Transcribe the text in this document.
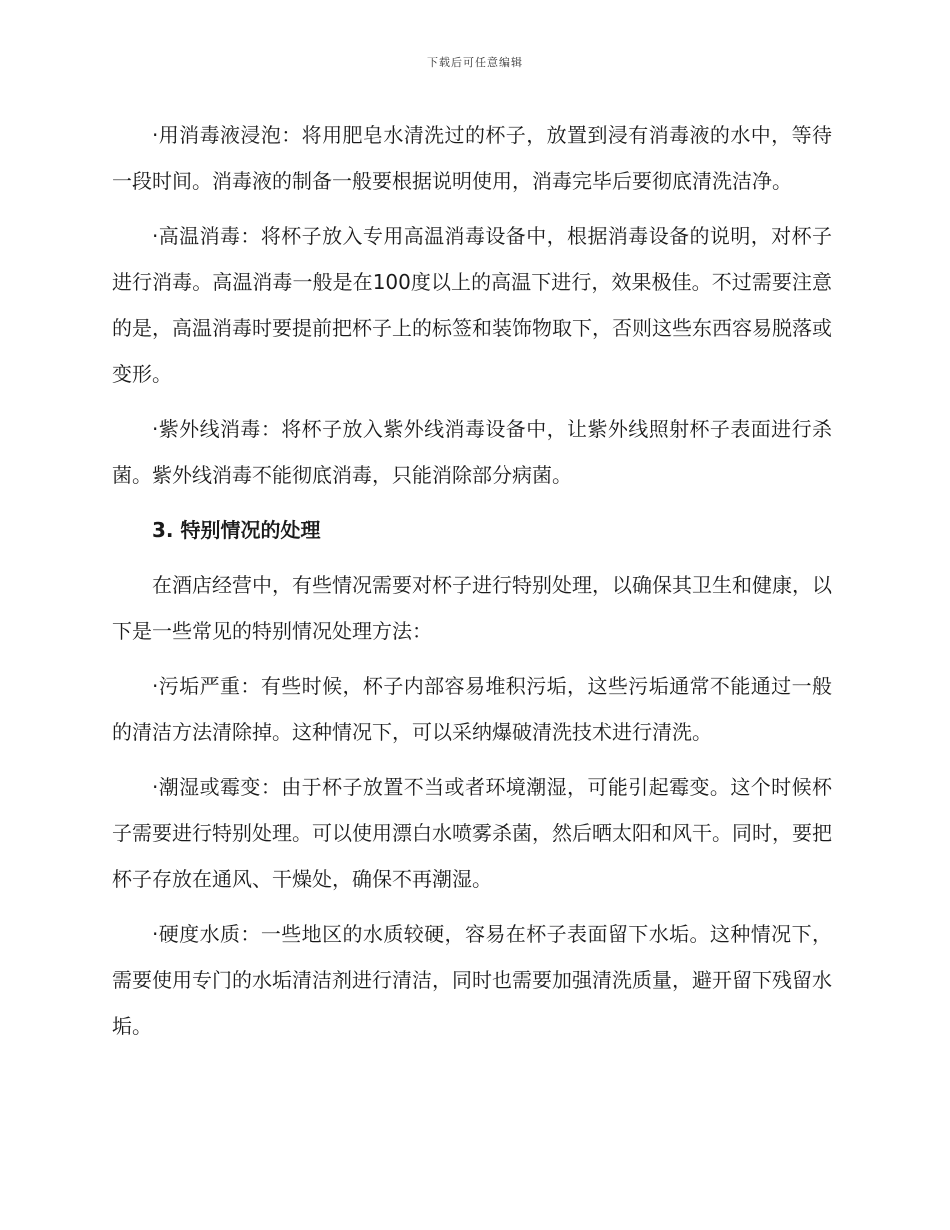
下载后可任意编辑

·用消毒液浸泡：将用肥皂水清洗过的杯子，放置到浸有消毒液的水中，等待一段时间。消毒液的制备一般要根据说明使用，消毒完毕后要彻底清洗洁净。

·高温消毒：将杯子放入专用高温消毒设备中，根据消毒设备的说明，对杯子进行消毒。高温消毒一般是在100度以上的高温下进行，效果极佳。不过需要注意的是，高温消毒时要提前把杯子上的标签和装饰物取下，否则这些东西容易脱落或变形。

·紫外线消毒：将杯子放入紫外线消毒设备中，让紫外线照射杯子表面进行杀菌。紫外线消毒不能彻底消毒，只能消除部分病菌。

3. 特别情况的处理

在酒店经营中，有些情况需要对杯子进行特别处理，以确保其卫生和健康，以下是一些常见的特别情况处理方法：

·污垢严重：有些时候，杯子内部容易堆积污垢，这些污垢通常不能通过一般的清洁方法清除掉。这种情况下，可以采纳爆破清洗技术进行清洗。

·潮湿或霉变：由于杯子放置不当或者环境潮湿，可能引起霉变。这个时候杯子需要进行特别处理。可以使用漂白水喷雾杀菌，然后晒太阳和风干。同时，要把杯子存放在通风、干燥处，确保不再潮湿。

·硬度水质：一些地区的水质较硬，容易在杯子表面留下水垢。这种情况下，需要使用专门的水垢清洁剂进行清洁，同时也需要加强清洗质量，避开留下残留水垢。
